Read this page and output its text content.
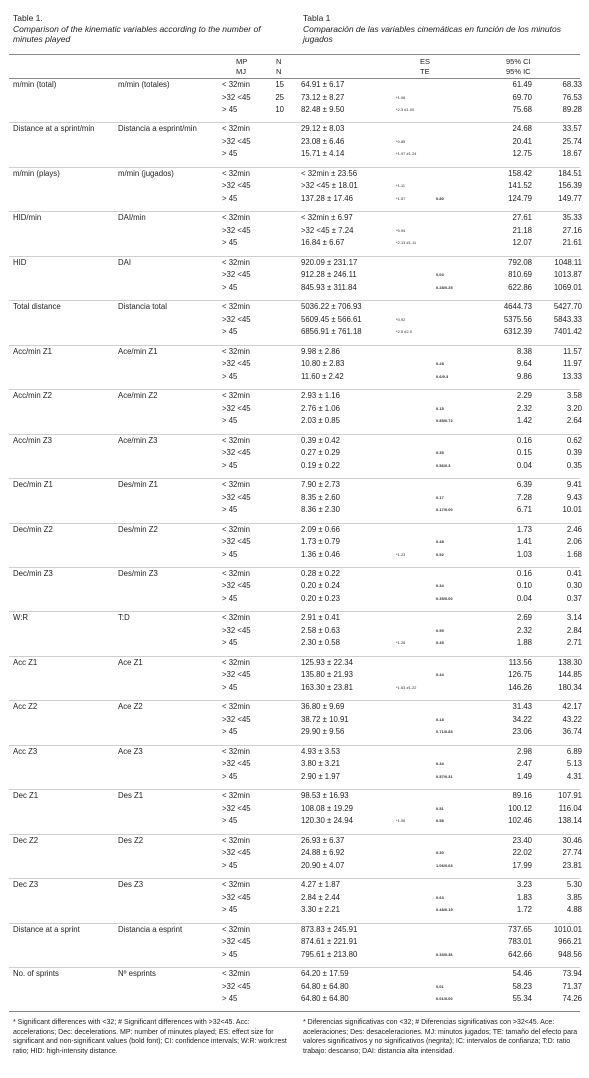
Table 1.
Comparison of the kinematic variables according to the number of minutes played
Tabla 1
Comparación de las variables cinemáticas en función de los minutos jugados
MP
MJ
N
N
ES
TE
95% CI
95% IC
m/min (total)	m/min (totales)	< 32min	15 64.91 ± 6.17	61.49	68.33
>32 <45	25 73.12 ± 8.27	*1.06	69.70	76.53
> 45	10 82.48 ± 9.50	*2.3 #1.00	75.68	89.28
Distance at a sprint/min	Distancia a esprint/min	< 32min	29.12 ± 8.03	24.68	33.57
>32 <45	23.08 ± 6.46	*0.85	20.41	25.74
> 45	15.71 ± 4.14	*1.97 #1.24	12.75	18.67
m/min (plays)	m/min (jugados)	< 32min	< 32min ± 23.56	158.42	184.51
>32 <45	>32 <45 ± 18.01	*1.11	141.52	156.39
> 45	137.28 ± 17.46	*1.57	0.80	124.79	149.77
HID/min	DAI/min	< 32min	< 32min ± 6.97	27.61	35.33
>32 <45	>32 <45 ± 7.24	*0.94	21.18	27.16
> 45	16.84 ± 6.67	*2.13 #1.11	12.07	21.61
HID	DAI	< 32min	920.09 ± 231.17	792.08	1048.11
>32 <45	912.28 ± 246.11	0.03	810.69	1013.87
> 45	845.93 ± 311.84	0.28/0.25	622.86	1069.01
Total distance	Distancia total	< 32min	5036.22 ± 706.93	4644.73	5427.70
>32 <45	5609.45 ± 566.61	*0.92	5375.56	5843.33
> 45	6856.91 ± 761.18	*2.5 #2.0	6312.39	7401.42
Acc/min Z1	Ace/min Z1	< 32min	9.98 ± 2.86	8.38	11.57
>32 <45	10.80 ± 2.83	0.28	9.64	11.97
> 45	11.60 ± 2.42	0.6/0.3	9.86	13.33
Acc/min Z2	Ace/min Z2	< 32min	2.93 ± 1.16	2.29	3.58
>32 <45	2.76 ± 1.06	0.15	2.32	3.20
> 45	2.03 ± 0.85	0.85/0.72	1.42	2.64
Acc/min Z3	Ace/min Z3	< 32min	0.39 ± 0.42	0.16	0.62
>32 <45	0.27 ± 0.29	0.35	0.15	0.39
> 45	0.19 ± 0.22	0.56/0.3	0.04	0.35
Dec/min Z1	Des/min Z1	< 32min	7.90 ± 2.73	6.39	9.41
>32 <45	8.35 ± 2.60	0.17	7.28	9.43
> 45	8.36 ± 2.30	0.17/0.00	6.71	10.01
Dec/min Z2	Des/min Z2	< 32min	2.09 ± 0.66	1.73	2.46
>32 <45	1.73 ± 0.79	0.48	1.41	2.06
> 45	1.36 ± 0.46	*1.23	0.52	1.03	1.68
Dec/min Z3	Des/min Z3	< 32min	0.28 ± 0.22	0.16	0.41
>32 <45	0.20 ± 0.24	0.34	0.10	0.30
> 45	0.20 ± 0.23	0.35/0.00	0.04	0.37
W:R	T:D	< 32min	2.91 ± 0.41	2.69	3.14
>32 <45	2.58 ± 0.63	0.59	2.32	2.84
> 45	2.30 ± 0.58	*1.26	0.45	1.88	2.71
Acc Z1	Ace Z1	< 32min	125.93 ± 22.34	113.56	138.30
>32 <45	135.80 ± 21.93	0.44	126.75	144.85
> 45	163.30 ± 23.81	*1.63 #1.22	146.26	180.34
Acc Z2	Ace Z2	< 32min	36.80 ± 9.69	31.43	42.17
>32 <45	38.72 ± 10.91	0.18	34.22	43.22
> 45	29.90 ± 9.56	0.71/0.83	23.06	36.74
Acc Z3	Ace Z3	< 32min	4.93 ± 3.53	2.98	6.89
>32 <45	3.80 ± 3.21	0.34	2.47	5.13
> 45	2.90 ± 1.97	0.57/0.31	1.49	4.31
Dec Z1	Des Z1	< 32min	98.53 ± 16.93	89.16	107.91
>32 <45	108.08 ± 19.29	0.51	100.12	116.04
> 45	120.30 ± 24.94	*1.06	0.58	102.46	138.14
Dec Z2	Des Z2	< 32min	26.93 ± 6.37	23.40	30.46
>32 <45	24.88 ± 6.92	0.30	22.02	27.74
> 45	20.90 ± 4.07	1.06/0.63	17.99	23.81
Dec Z3	Des Z3	< 32min	4.27 ± 1.87	3.23	5.30
>32 <45	2.84 ± 2.44	0.63	1.83	3.85
> 45	3.30 ± 2.21	0.48/0.19	1.72	4.88
Distance at a sprint	Distancia a esprint	< 32min	873.83 ± 245.91	737.65	1010.01
>32 <45	874.61 ± 221.91	783.01	966.21
> 45	795.61 ± 213.80	0.33/0.36	642.66	948.56
No. of sprints	Nº esprints	< 32min	64.20 ± 17.59	54.46	73.94
>32 <45	64.80 ± 64.80	0.01	58.23	71.37
> 45	64.80 ± 64.80	0.01/0.00	55.34	74.26
* Significant differences with <32; # Significant differences with >32<45. Acc: accelerations; Dec: decelerations. MP: number of minutes played; ES: effect size for significant and non-significant values (bold font); CI: confidence intervals; W:R: work:rest ratio; HID: high-intensity distance.
* Diferencias significativas con <32; # Diferencias significativas con >32<45. Ace: aceleraciones; Des: desaceleraciones. MJ: minutos jugados; TE: tamaño del efecto para valores significativos y no significativos (negrita); IC: intervalos de confianza; T:D: ratio trabajo: descanso; DAI: distancia alta intensidad.
